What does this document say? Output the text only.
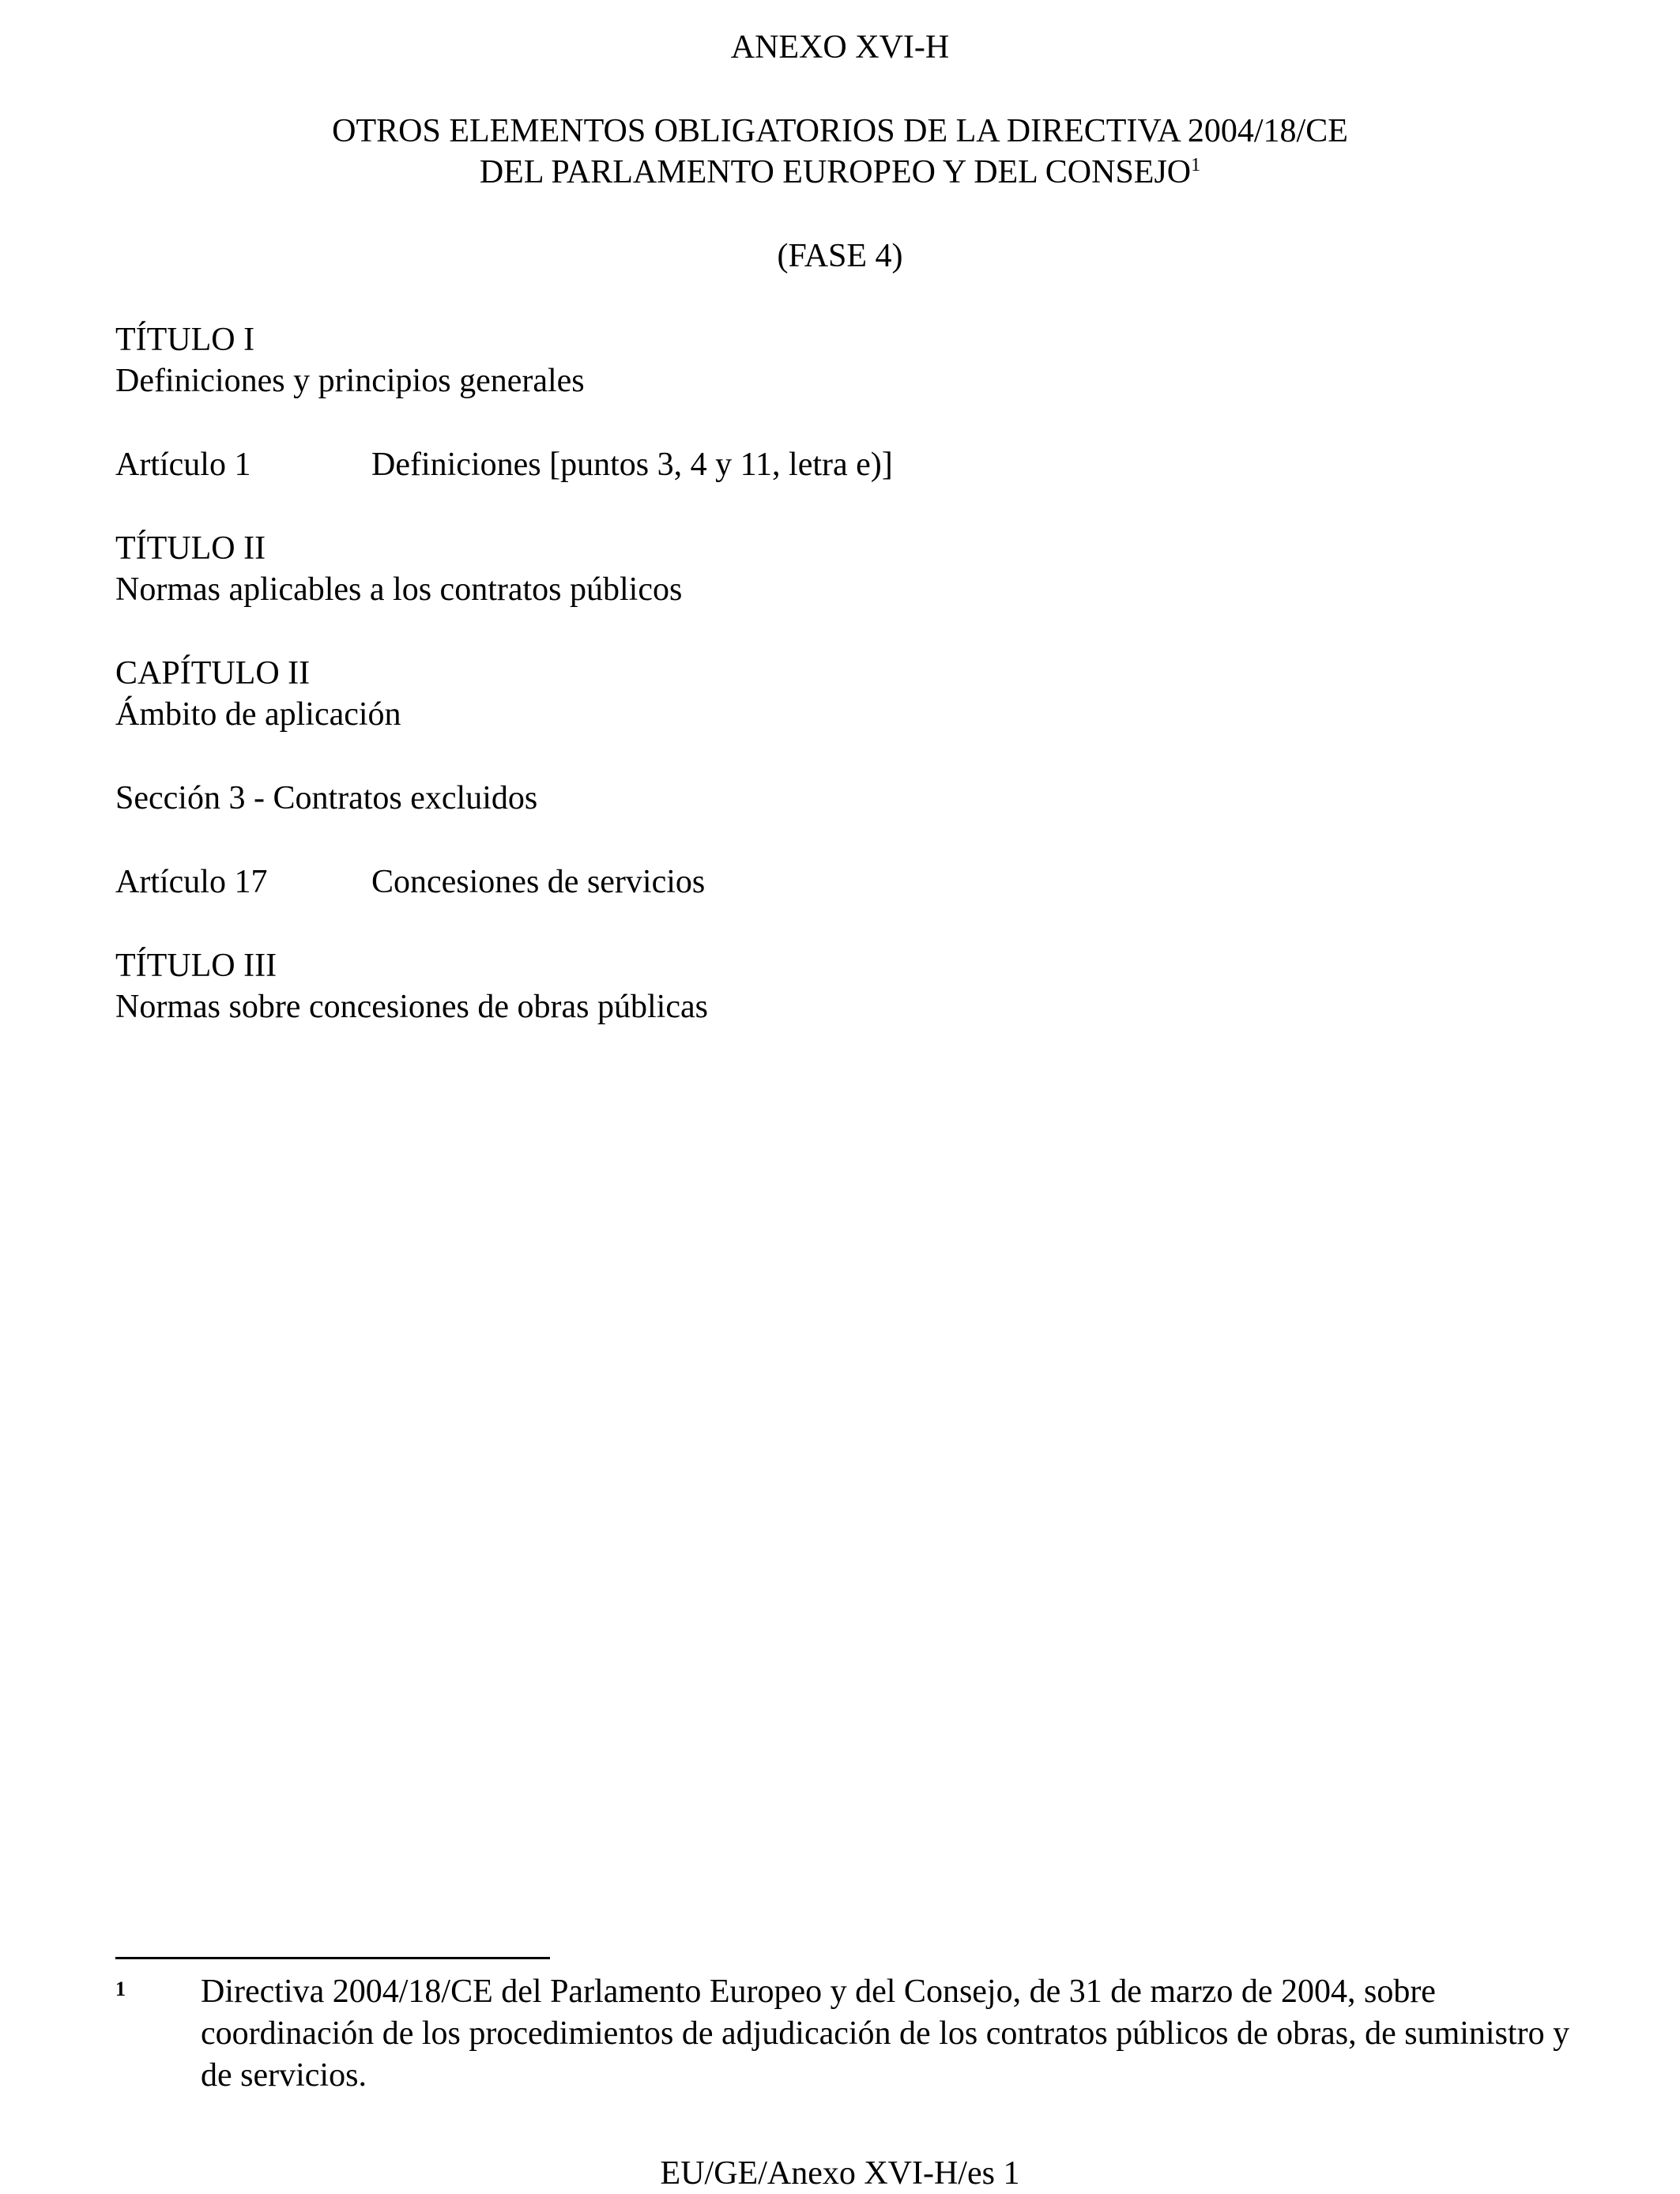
ANEXO XVI-H
OTROS ELEMENTOS OBLIGATORIOS DE LA DIRECTIVA 2004/18/CE
DEL PARLAMENTO EUROPEO Y DEL CONSEJO$^1$
(FASE 4)
TÍTULO I
Definiciones y principios generales
Artículo 1	Definiciones [puntos 3, 4 y 11, letra e)]
TÍTULO II
Normas aplicables a los contratos públicos
CAPÍTULO II
Ámbito de aplicación
Sección 3 - Contratos excluidos
Artículo 17	Concesiones de servicios
TÍTULO III
Normas sobre concesiones de obras públicas
1 Directiva 2004/18/CE del Parlamento Europeo y del Consejo, de 31 de marzo de 2004, sobre coordinación de los procedimientos de adjudicación de los contratos públicos de obras, de suministro y de servicios.
EU/GE/Anexo XVI-H/es 1
